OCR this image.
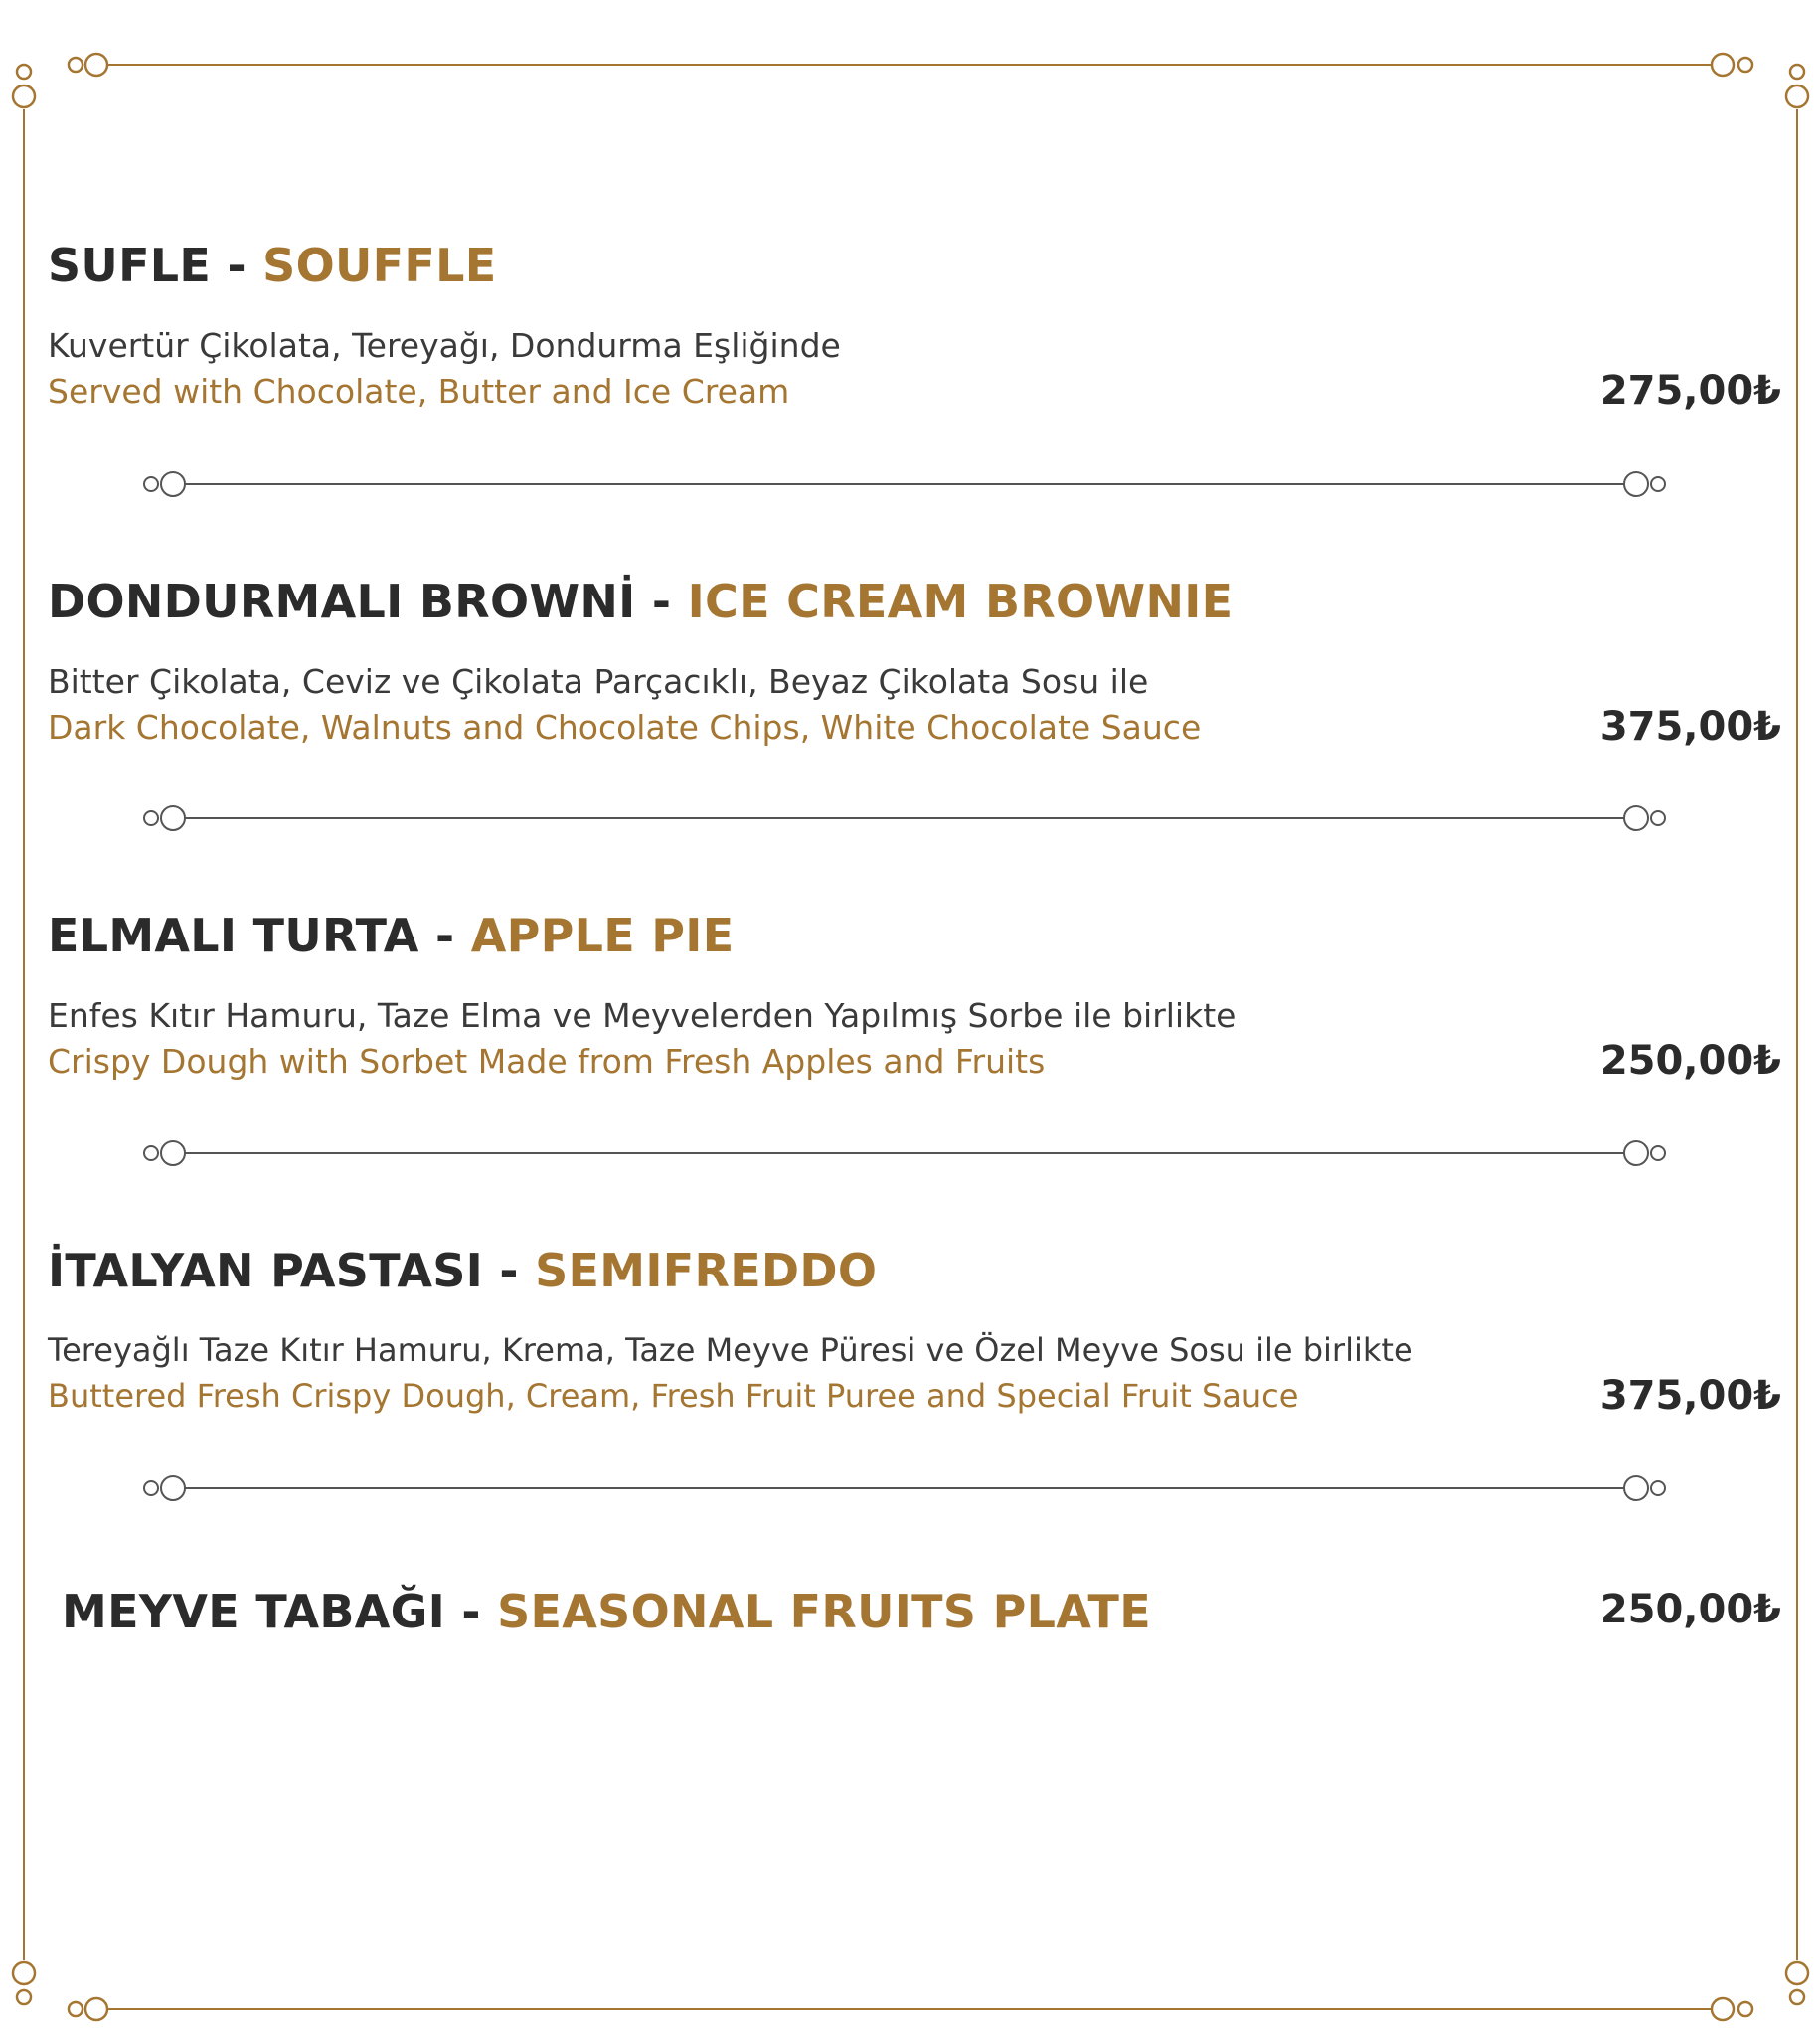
SUFLE - SOUFFLE
Kuvertür Çikolata, Tereyağı, Dondurma Eşliğinde
Served with Chocolate, Butter and Ice Cream	275,00₺
DONDURMALI BROWNİ - ICE CREAM BROWNIE
Bitter Çikolata, Ceviz ve Çikolata Parçacıklı, Beyaz Çikolata Sosu ile
Dark Chocolate, Walnuts and Chocolate Chips, White Chocolate Sauce	375,00₺
ELMALI TURTA - APPLE PIE
Enfes Kıtır Hamuru, Taze Elma ve Meyvelerden Yapılmış Sorbe ile birlikte
Crispy Dough with Sorbet Made from Fresh Apples and Fruits	250,00₺
İTALYAN PASTASI - SEMIFREDDO
Tereyağlı Taze Kıtır Hamuru, Krema, Taze Meyve Püresi ve Özel Meyve Sosu ile birlikte
Buttered Fresh Crispy Dough, Cream, Fresh Fruit Puree and Special Fruit Sauce	375,00₺
MEYVE TABAĞI - SEASONAL FRUITS PLATE	250,00₺
